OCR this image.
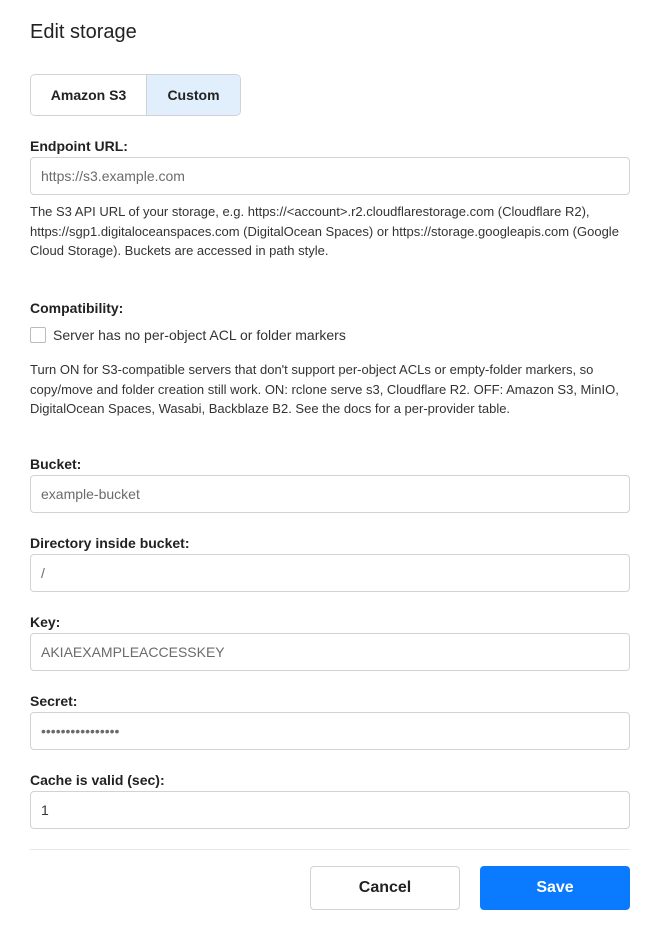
Edit storage
Amazon S3	Custom
Endpoint URL:
https://s3.example.com
The S3 API URL of your storage, e.g. https://<account>.r2.cloudflarestorage.com (Cloudflare R2), https://sgp1.digitaloceanspaces.com (DigitalOcean Spaces) or https://storage.googleapis.com (Google Cloud Storage). Buckets are accessed in path style.
Compatibility:
Server has no per-object ACL or folder markers
Turn ON for S3-compatible servers that don't support per-object ACLs or empty-folder markers, so copy/move and folder creation still work. ON: rclone serve s3, Cloudflare R2. OFF: Amazon S3, MinIO, DigitalOcean Spaces, Wasabi, Backblaze B2. See the docs for a per-provider table.
Bucket:
example-bucket
Directory inside bucket:
/
Key:
AKIAEXAMPLEACCESSKEY
Secret:
••••••••••••••••
Cache is valid (sec):
1
Cancel	Save
